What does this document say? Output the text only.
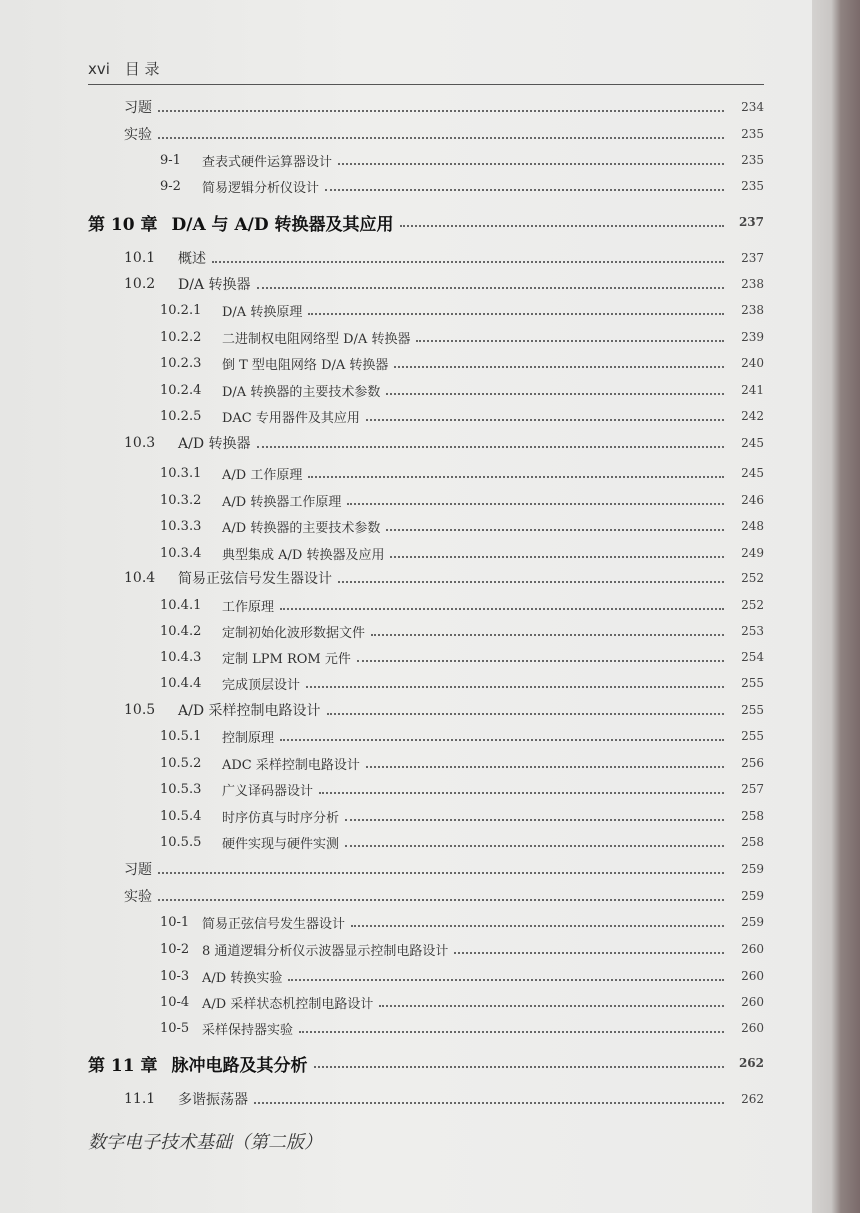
xvi 目 录
习题	234
实验	235
9-1	查表式硬件运算器设计	235
9-2	简易逻辑分析仪设计	235
第 10 章 D/A 与 A/D 转换器及其应用	237
10.1	概述	237
10.2	D/A 转换器	238
10.2.1	D/A 转换原理	238
10.2.2	二进制权电阻网络型 D/A 转换器	239
10.2.3	倒 T 型电阻网络 D/A 转换器	240
10.2.4	D/A 转换器的主要技术参数	241
10.2.5	DAC 专用器件及其应用	242
10.3	A/D 转换器	245
10.3.1	A/D 工作原理	245
10.3.2	A/D 转换器工作原理	246
10.3.3	A/D 转换器的主要技术参数	248
10.3.4	典型集成 A/D 转换器及应用	249
10.4	简易正弦信号发生器设计	252
10.4.1	工作原理	252
10.4.2	定制初始化波形数据文件	253
10.4.3	定制 LPM ROM 元件	254
10.4.4	完成顶层设计	255
10.5	A/D 采样控制电路设计	255
10.5.1	控制原理	255
10.5.2	ADC 采样控制电路设计	256
10.5.3	广义译码器设计	257
10.5.4	时序仿真与时序分析	258
10.5.5	硬件实现与硬件实测	258
习题	259
实验	259
10-1 简易正弦信号发生器设计	259
10-2 8 通道逻辑分析仪示波器显示控制电路设计	260
10-3 A/D 转换实验	260
10-4 A/D 采样状态机控制电路设计	260
10-5 采样保持器实验	260
第 11 章 脉冲电路及其分析	262
11.1	多谐振荡器	262
数字电子技术基础（第二版）
